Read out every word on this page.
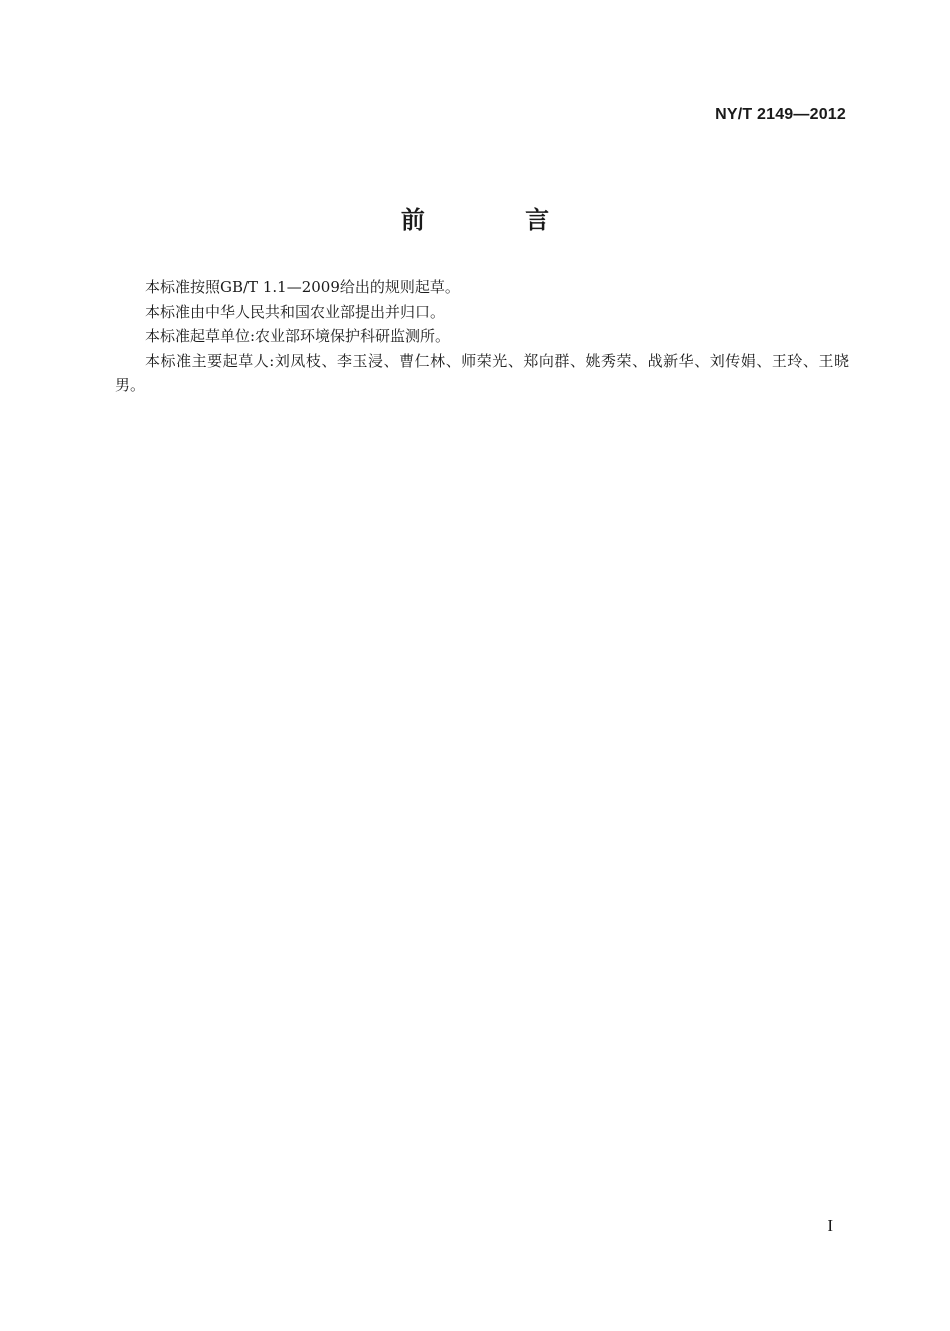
NY/T 2149—2012
前 言

本标准按照GB/T 1.1—2009给出的规则起草。

本标准由中华人民共和国农业部提出并归口。

本标准起草单位:农业部环境保护科研监测所。

本标准主要起草人:刘凤枝、李玉浸、曹仁林、师荣光、郑向群、姚秀荣、战新华、刘传娟、王玲、王晓男。

I
